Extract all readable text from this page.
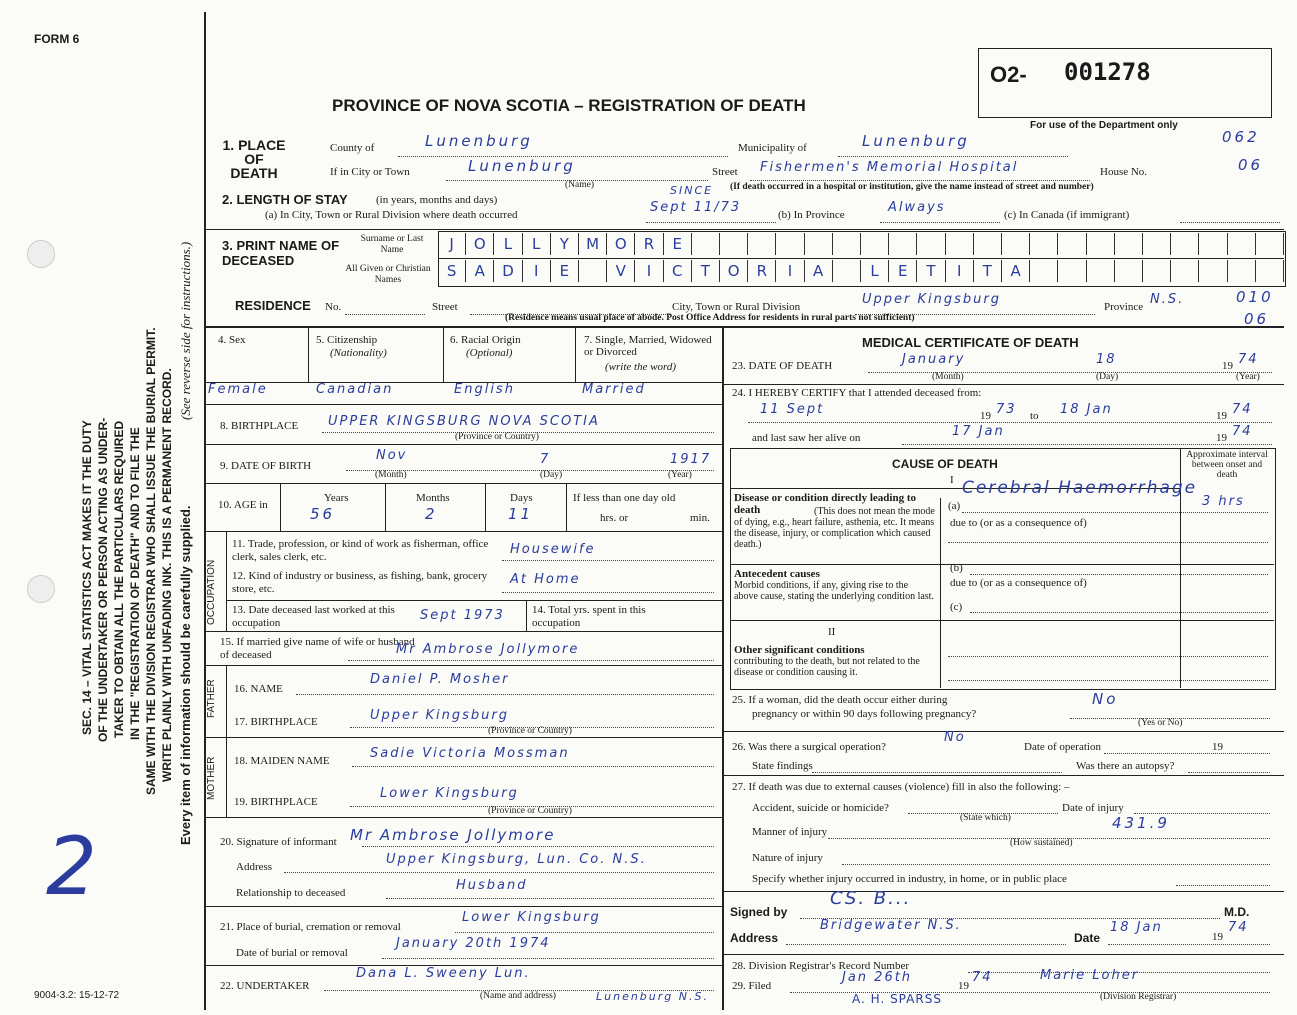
FORM 6
PROVINCE OF NOVA SCOTIA – REGISTRATION OF DEATH
O2- 001278
For use of the Department only
2
9004-3.2: 15-12-72
SEC. 14 – VITAL STATISTICS ACT MAKES IT THE DUTY OF THE UNDERTAKER OR PERSON ACTING AS UNDER- TAKER TO OBTAIN ALL THE PARTICULARS REQUIRED IN THE "REGISTRATION OF DEATH" AND TO FILE THE SAME WITH THE DIVISION REGISTRAR WHO SHALL ISSUE THE BURIAL PERMIT. WRITE PLAINLY WITH UNFADING INK. THIS IS A PERMANENT RECORD. Every item of information should be carefully supplied.
(See reverse side for instructions.)
1. PLACE OF DEATH
County of	Lunenburg	Municipality of	Lunenburg	062
If in City or Town	Lunenburg
(Name)
Street Fishermen's Memorial Hospital	House No.	06
(If death occurred in a hospital or institution, give the name instead of street and number)
2. LENGTH OF STAY	(in years, months and days)
(a) In City, Town or Rural Division where death occurred
SINCE
Sept 11/73	(b) In Province	Always	(c) In Canada (if immigrant)
3. PRINT NAME OF DECEASED
Surname or Last Name
All Given or Christian Names
J	O	L	L	Y	M	O	R	E
S	A	D	I	E	V	I	C	T	O	R	I	A	L	E	T	I	T	A
RESIDENCE No.	Street	City, Town or Rural Division	Upper Kingsburg	Province N.S.	010
06
(Residence means usual place of abode. Post Office Address for residents in rural parts not sufficient)
4. Sex	5. Citizenship
(Nationality)
6. Racial Origin
(Optional)
7. Single, Married, Widowed or Divorced
(write the word)
Female	Canadian	English	Married
8. BIRTHPLACE UPPER KINGSBURG NOVA SCOTIA
(Province or Country)
9. DATE OF BIRTH
Nov	7	1917
(Month)	(Day)	(Year)
10. AGE in
Years	Months	Days
56	2	11
If less than one day old
hrs. or	min.
OCCUPATION
11. Trade, profession, or kind of work as fisherman, office clerk, sales clerk, etc.	Housewife
12. Kind of industry or business, as fishing, bank, grocery store, etc.
At Home
13. Date deceased last worked at this occupation	Sept 1973 14. Total yrs. spent in this occupation
15. If married give name of wife or husband of deceased	Mr Ambrose Jollymore
FATHER 16. NAME
Daniel P. Mosher
17. BIRTHPLACE	Upper Kingsburg
(Province or Country)
MOTHER 18. MAIDEN NAME	Sadie Victoria Mossman
19. BIRTHPLACE
Lower Kingsburg
(Province or Country)
20. Signature of informant Mr Ambrose Jollymore
Address	Upper Kingsburg, Lun. Co. N.S.
Relationship to deceased	Husband
21. Place of burial, cremation or removal
Lower Kingsburg
Date of burial or removal
January 20th 1974
22. UNDERTAKER
Dana L. Sweeny Lun.
(Name and address)	Lunenburg N.S.
MEDICAL CERTIFICATE OF DEATH
23. DATE OF DEATH	January	18	19 74
(Month)	(Day)	(Year)
24. I HEREBY CERTIFY that I attended deceased from:
11 Sept	19 73 to 18 Jan	19 74
and last saw her alive on	17 Jan	19 74
CAUSE OF DEATH
I
Approximate interval between onset and death
Disease or condition directly leading to death	(This does not mean the mode of dying, e.g., heart failure, asthenia, etc. It means the disease, injury, or complication which caused death.)
(a)
Cerebral Haemorrhage
3 hrs
due to (or as a consequence of)
Antecedent causes
Morbid conditions, if any, giving rise to the above cause, stating the underlying condition last.
(b)
due to (or as a consequence of)
(c)
II
Other significant conditions
contributing to the death, but not related to the disease or condition causing it.
25. If a woman, did the death occur either during
pregnancy or within 90 days following pregnancy?
No
(Yes or No)
26. Was there a surgical operation?
No
Date of operation	19
State findings	Was there an autopsy?
27. If death was due to external causes (violence) fill in also the following: –
Accident, suicide or homicide?	Date of injury
(State which)
Manner of injury	431.9
(How sustained)
Nature of injury
Specify whether injury occurred in industry, in home, or in public place
Signed by
CS. B...
M.D.
Address
Bridgewater N.S.
Date
18 Jan
19
74
28. Division Registrar's Record Number
29. Filed
Jan 26th
19
74	Marie Loher
(Division Registrar)
A. H. SPARSS
